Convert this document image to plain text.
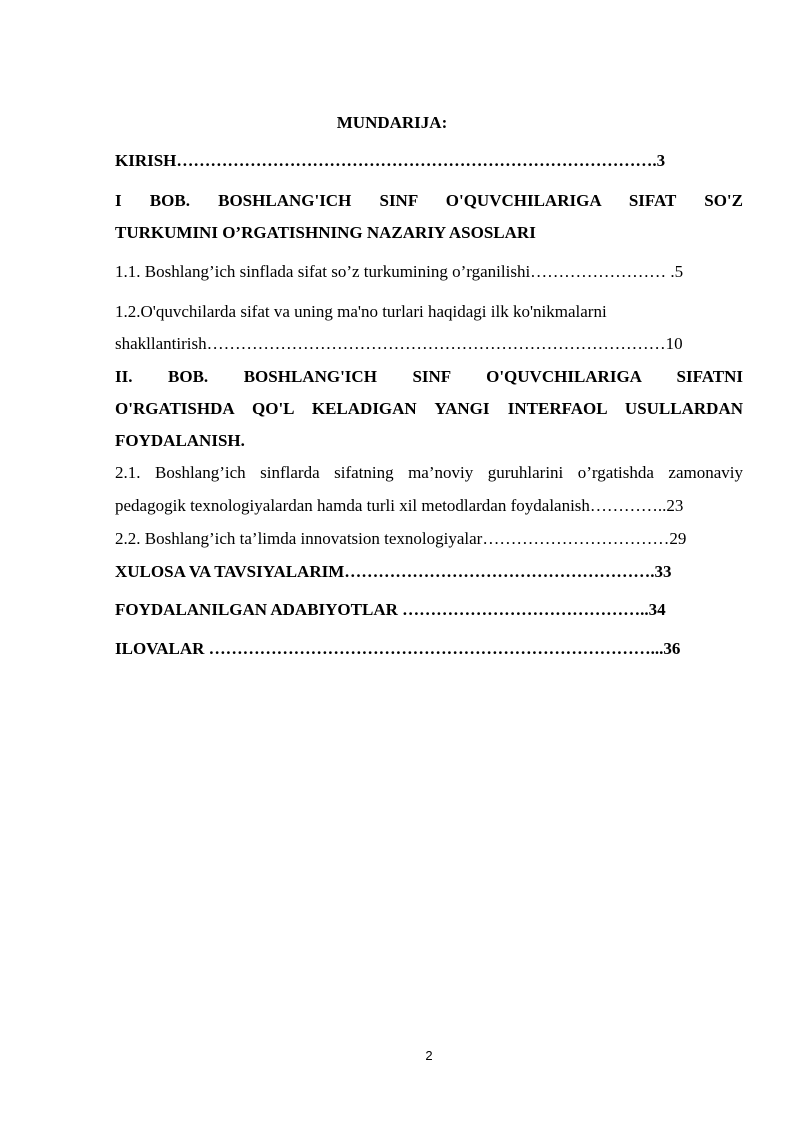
MUNDARIJA:
KIRISH………………………………………………………………………….3
I BOB. BOSHLANG'ICH SINF O'QUVCHILARIGA SIFAT SO'Z
TURKUMINI O’RGATISHNING NAZARIY ASOSLARI
1.1. Boshlang’ich sinflada sifat so’z turkumining o’rganilishi…………………… .5
1.2.O'quvchilarda sifat va uning ma'no turlari haqidagi ilk ko'nikmalarni
shakllantirish………………………………………………………………………10
II. BOB. BOSHLANG'ICH SINF O'QUVCHILARIGA SIFATNI
O'RGATISHDA QO'L KELADIGAN YANGI INTERFAOL USULLARDAN
FOYDALANISH.
2.1. Boshlang’ich sinflarda sifatning ma’noviy guruhlarini o’rgatishda zamonaviy
pedagogik texnologiyalardan hamda turli xil metodlardan foydalanish…………..23
2.2. Boshlang’ich ta’limda innovatsion texnologiyalar……………………………29
XULOSA VA TAVSIYALARIM……………………………………………….33
FOYDALANILGAN ADABIYOTLAR ……………………………………..34
ILOVALAR ……………………………………………………………………...36
2
